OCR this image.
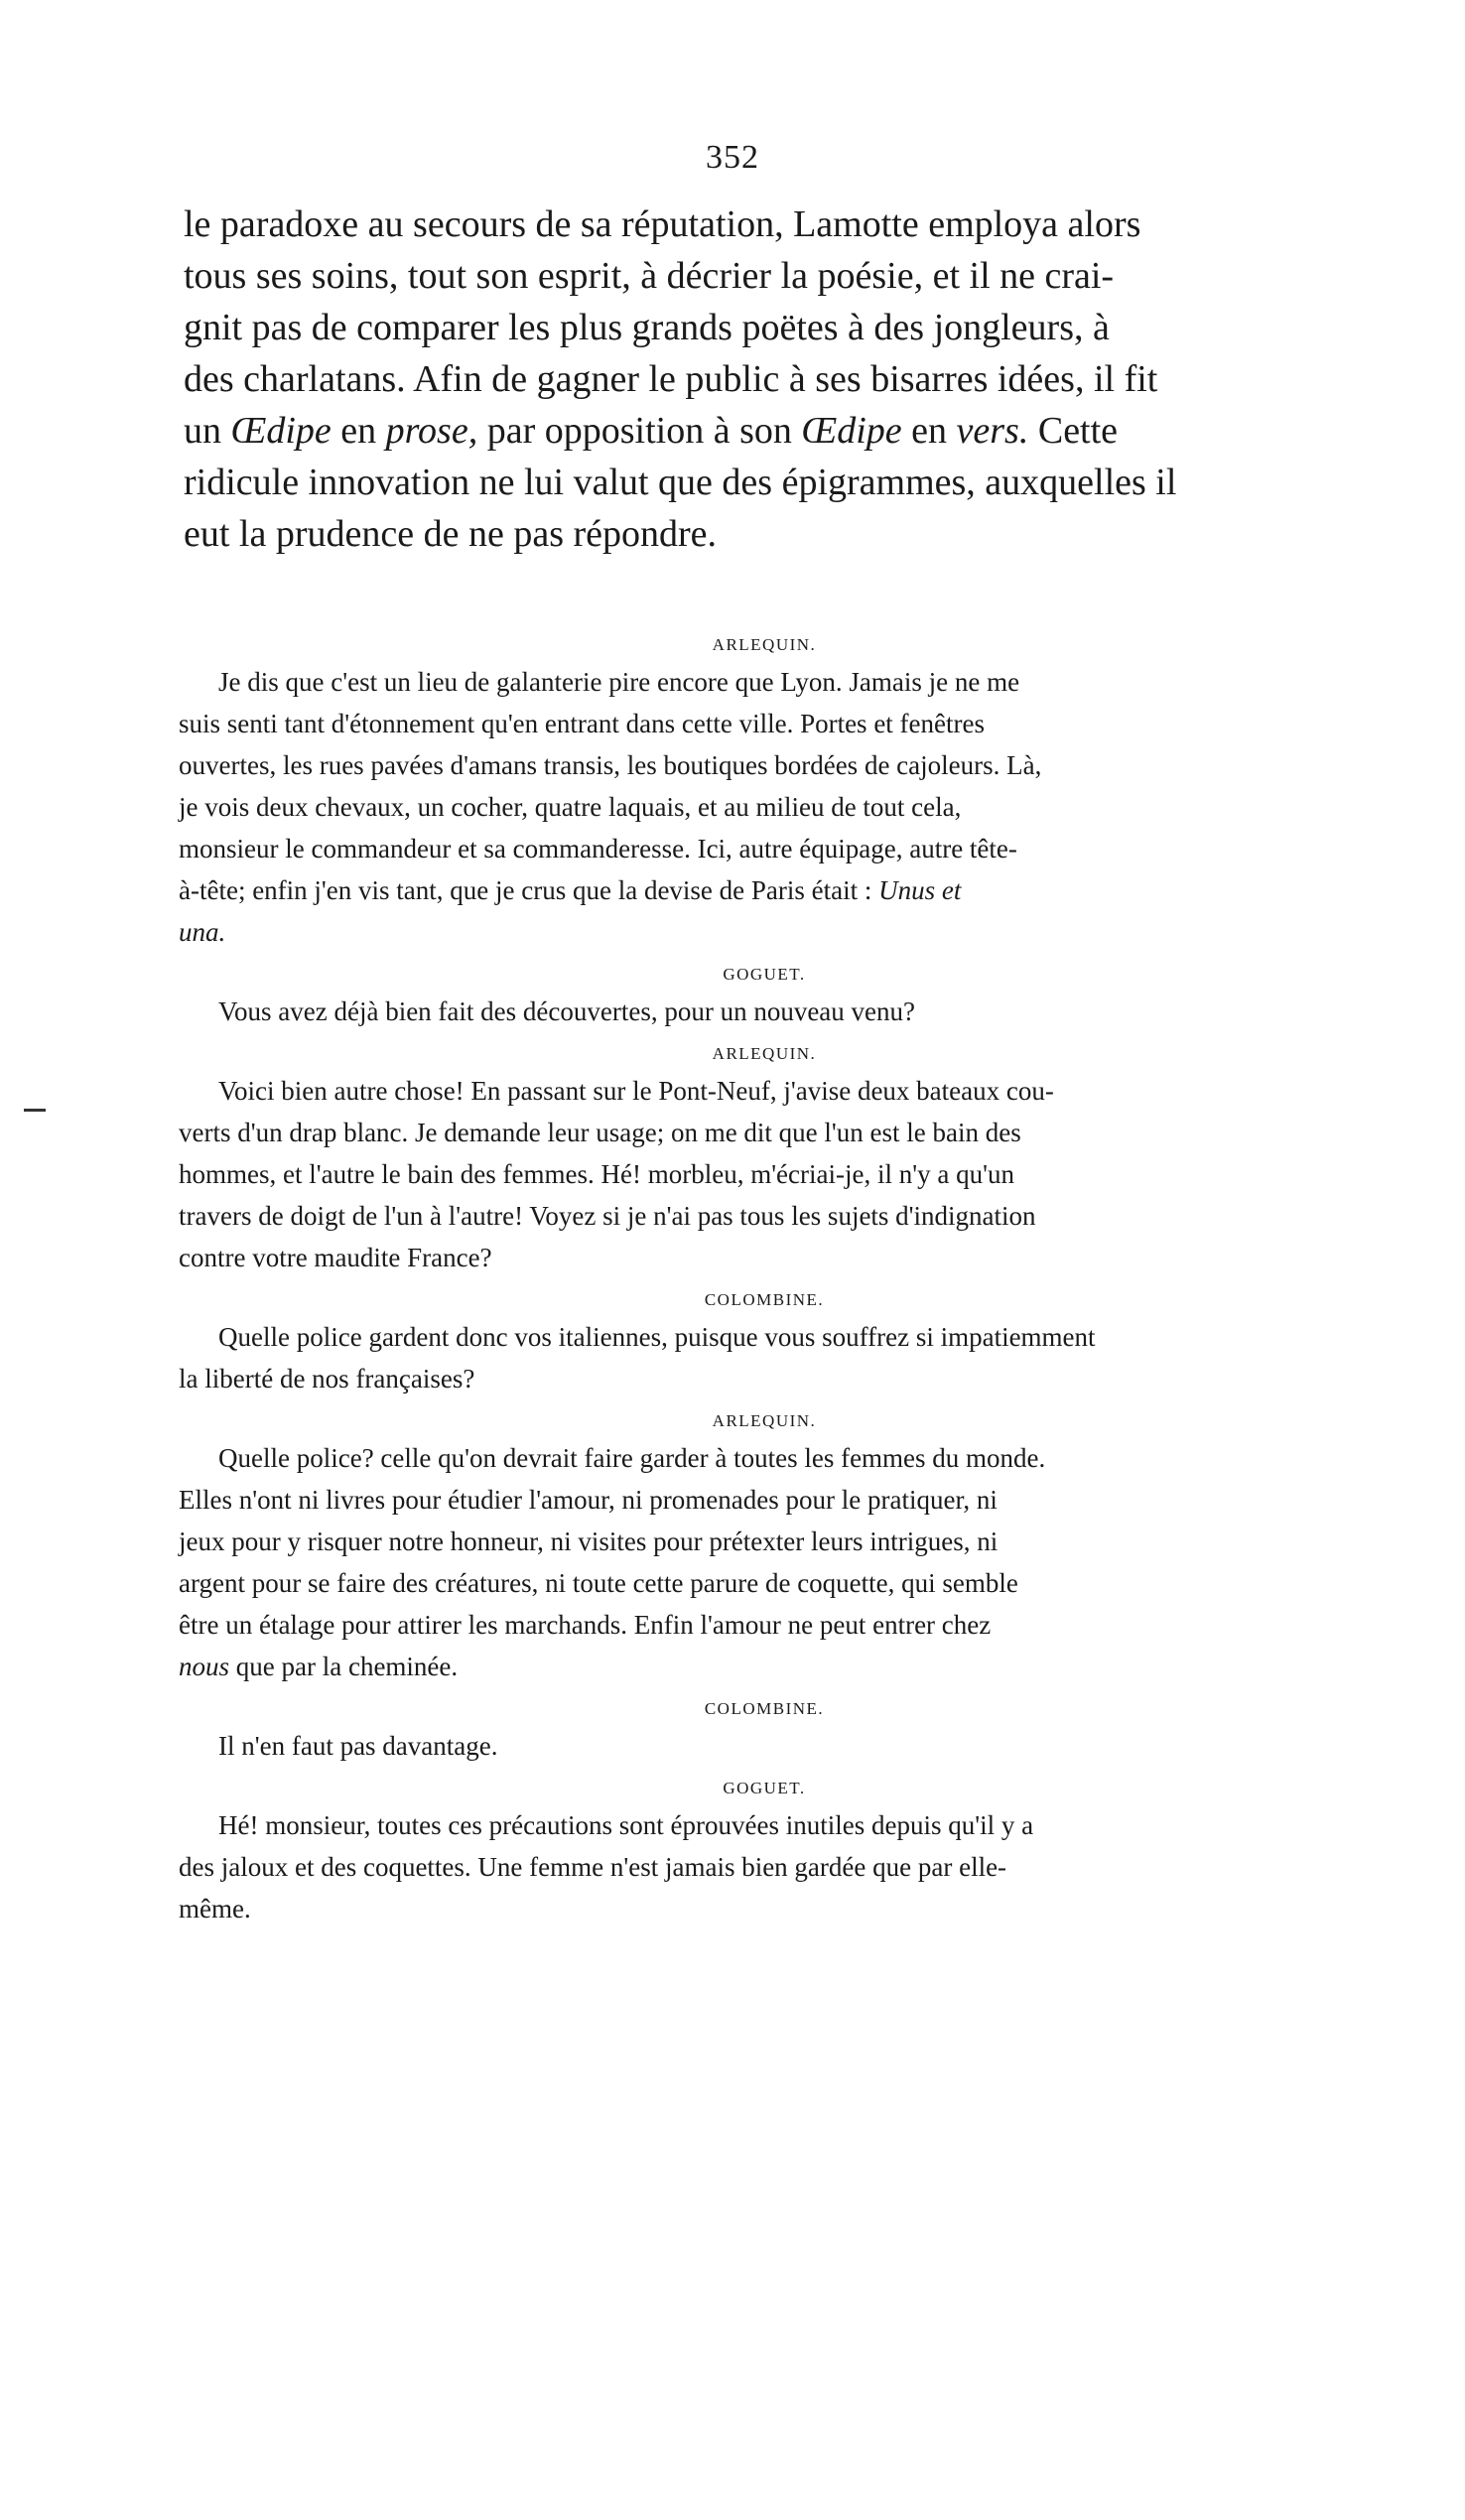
352

le paradoxe au secours de sa réputation, Lamotte employa alors

tous ses soins, tout son esprit, à décrier la poésie, et il ne crai-

gnit pas de comparer les plus grands poëtes à des jongleurs, à

des charlatans. Afin de gagner le public à ses bisarres idées, il fit

un Œdipe en prose, par opposition à son Œdipe en vers. Cette

ridicule innovation ne lui valut que des épigrammes, auxquelles il

eut la prudence de ne pas répondre.

ARLEQUIN.
Je dis que c'est un lieu de galanterie pire encore que Lyon. Jamais je ne me
suis senti tant d'étonnement qu'en entrant dans cette ville. Portes et fenêtres
ouvertes, les rues pavées d'amans transis, les boutiques bordées de cajoleurs. Là,
je vois deux chevaux, un cocher, quatre laquais, et au milieu de tout cela,
monsieur le commandeur et sa commanderesse. Ici, autre équipage, autre tête-
à-tête; enfin j'en vis tant, que je crus que la devise de Paris était : Unus et
una.
GOGUET.
Vous avez déjà bien fait des découvertes, pour un nouveau venu?
ARLEQUIN.
Voici bien autre chose! En passant sur le Pont-Neuf, j'avise deux bateaux cou-
verts d'un drap blanc. Je demande leur usage; on me dit que l'un est le bain des
hommes, et l'autre le bain des femmes. Hé! morbleu, m'écriai-je, il n'y a qu'un
travers de doigt de l'un à l'autre! Voyez si je n'ai pas tous les sujets d'indignation
contre votre maudite France?
COLOMBINE.
Quelle police gardent donc vos italiennes, puisque vous souffrez si impatiemment
la liberté de nos françaises?
ARLEQUIN.
Quelle police? celle qu'on devrait faire garder à toutes les femmes du monde.
Elles n'ont ni livres pour étudier l'amour, ni promenades pour le pratiquer, ni
jeux pour y risquer notre honneur, ni visites pour prétexter leurs intrigues, ni
argent pour se faire des créatures, ni toute cette parure de coquette, qui semble
être un étalage pour attirer les marchands. Enfin l'amour ne peut entrer chez
nous que par la cheminée.
COLOMBINE.
Il n'en faut pas davantage.
GOGUET.
Hé! monsieur, toutes ces précautions sont éprouvées inutiles depuis qu'il y a
des jaloux et des coquettes. Une femme n'est jamais bien gardée que par elle-
même.
